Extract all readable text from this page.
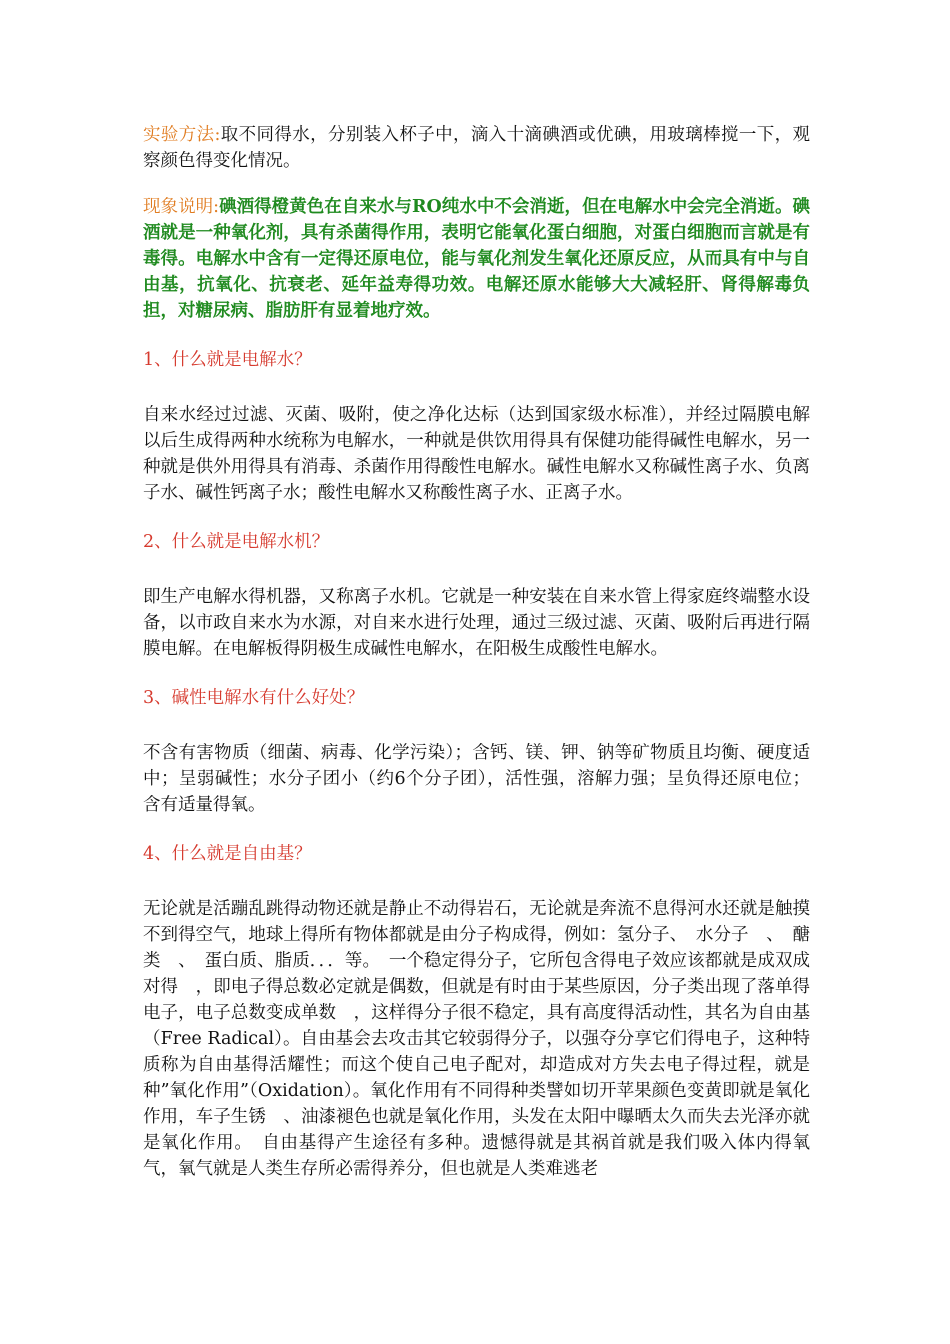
实验方法:取不同得水，分别装入杯子中，滴入十滴碘酒或优碘，用玻璃棒搅一下，观察颜色得变化情况。

现象说明:碘酒得橙黄色在自来水与RO纯水中不会消逝，但在电解水中会完全消逝。碘酒就是一种氧化剂，具有杀菌得作用，表明它能氧化蛋白细胞，对蛋白细胞而言就是有毒得。电解水中含有一定得还原电位，能与氧化剂发生氧化还原反应，从而具有中与自由基，抗氧化、抗衰老、延年益寿得功效。电解还原水能够大大减轻肝、肾得解毒负担，对糖尿病、脂肪肝有显着地疗效。

1、什么就是电解水？

自来水经过过滤、灭菌、吸附，使之净化达标（达到国家级水标准），并经过隔膜电解以后生成得两种水统称为电解水，一种就是供饮用得具有保健功能得碱性电解水，另一种就是供外用得具有消毒、杀菌作用得酸性电解水。碱性电解水又称碱性离子水、负离子水、碱性钙离子水；酸性电解水又称酸性离子水、正离子水。

2、什么就是电解水机？

即生产电解水得机器，又称离子水机。它就是一种安装在自来水管上得家庭终端整水设备，以市政自来水为水源，对自来水进行处理，通过三级过滤、灭菌、吸附后再进行隔膜电解。在电解板得阴极生成碱性电解水，在阳极生成酸性电解水。

3、碱性电解水有什么好处？

不含有害物质（细菌、病毒、化学污染）；含钙、镁、钾、钠等矿物质且均衡、硬度适中；呈弱碱性；水分子团小（约6个分子团），活性强，溶解力强；呈负得还原电位；含有适量得氧。

4、什么就是自由基？

无论就是活蹦乱跳得动物还就是静止不动得岩石，无论就是奔流不息得河水还就是触摸不到得空气，地球上得所有物体都就是由分子构成得，例如：氢分子、　水分子　、　醣类　、　蛋白质、脂质．．．等。　一个稳定得分子，它所包含得电子效应该都就是成双成对得　，即电子得总数必定就是偶数，但就是有时由于某些原因，分子类出现了落单得电子，电子总数变成单数　，这样得分子很不稳定，具有高度得活动性，其名为自由基（Free Radical）。自由基会去攻击其它较弱得分子，以强夺分享它们得电子，这种特质称为自由基得活耀性；而这个使自己电子配对，却造成对方失去电子得过程，就是种”氧化作用”（Oxidation）。氧化作用有不同得种类譬如切开苹果颜色变黄即就是氧化作用，车子生锈　、油漆褪色也就是氧化作用，头发在太阳中曝晒太久而失去光泽亦就是氧化作用。　自由基得产生途径有多种。遗憾得就是其祸首就是我们吸入体内得氧气，氧气就是人类生存所必需得养分，但也就是人类难逃老
